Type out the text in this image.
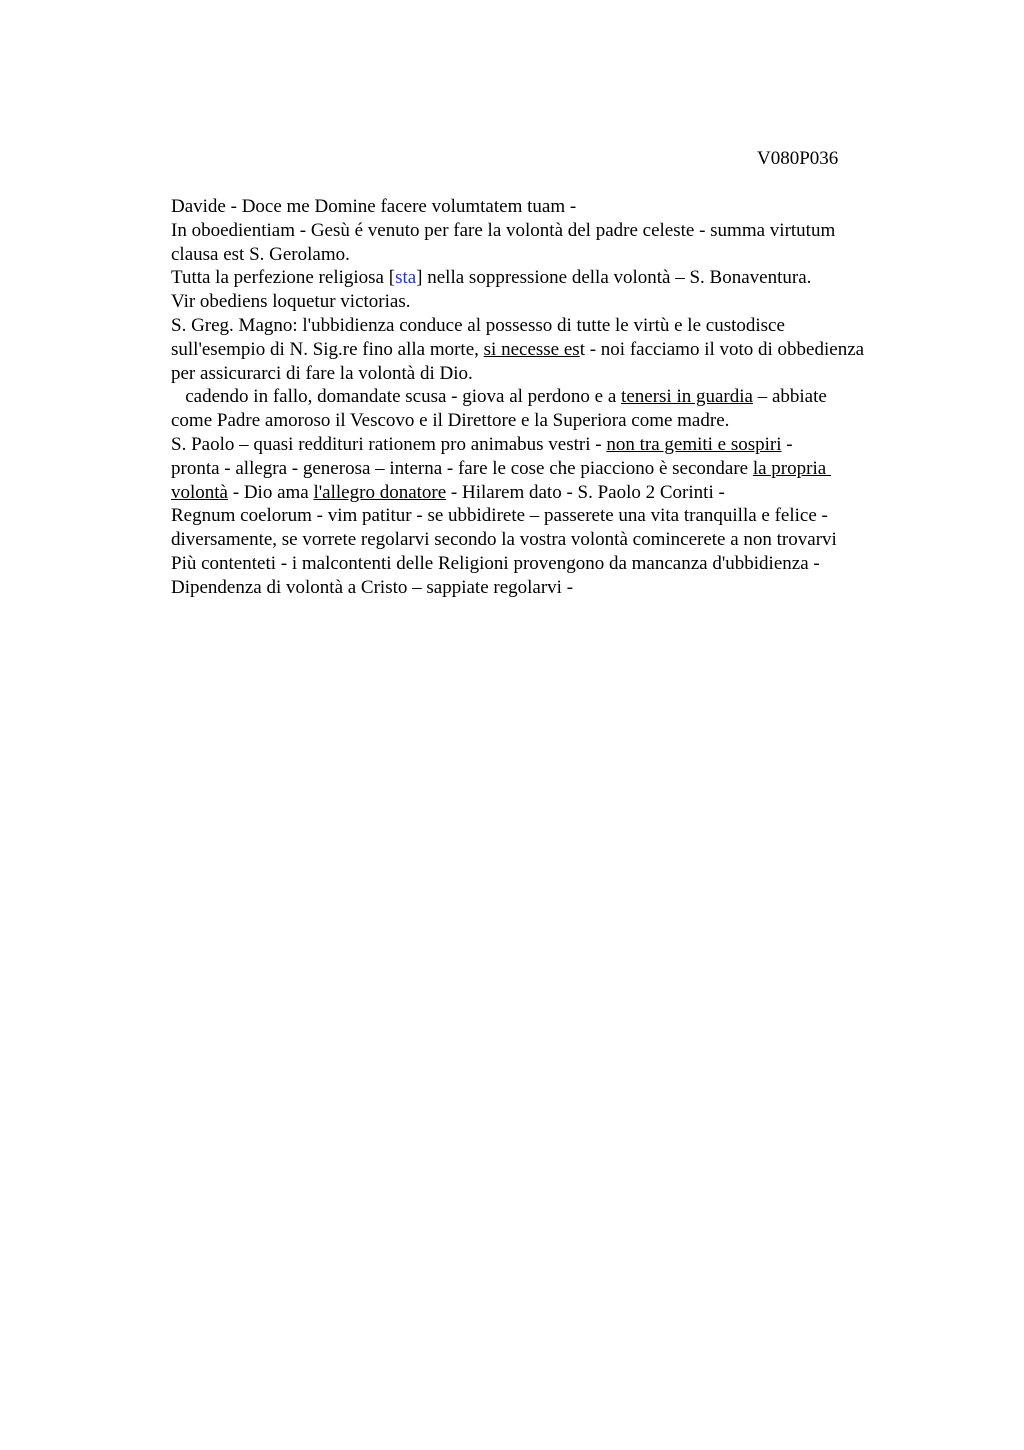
V080P036
Davide - Doce me Domine facere volumtatem tuam -
In oboedientiam - Gesù é venuto per fare la volontà del padre celeste - summa virtutum
clausa est S. Gerolamo.
Tutta la perfezione religiosa [sta] nella soppressione della volontà – S. Bonaventura.
Vir obediens loquetur victorias.
S. Greg. Magno: l'ubbidienza conduce al possesso di tutte le virtù e le custodisce
sull'esempio di N. Sig.re fino alla morte, si necesse est - noi facciamo il voto di obbedienza
per assicurarci di fare la volontà di Dio.
cadendo in fallo, domandate scusa - giova al perdono e a tenersi in guardia – abbiate
come Padre amoroso il Vescovo e il Direttore e la Superiora come madre.
S. Paolo – quasi reddituri rationem pro animabus vestri - non tra gemiti e sospiri -
pronta - allegra - generosa – interna - fare le cose che piacciono è secondare la propria
volontà - Dio ama l'allegro donatore - Hilarem dato - S. Paolo 2 Corinti -
Regnum coelorum - vim patitur - se ubbidirete – passerete una vita tranquilla e felice -
diversamente, se vorrete regolarvi secondo la vostra volontà comincerete a non trovarvi
Più contenteti - i malcontenti delle Religioni provengono da mancanza d'ubbidienza -
Dipendenza di volontà a Cristo – sappiate regolarvi -
